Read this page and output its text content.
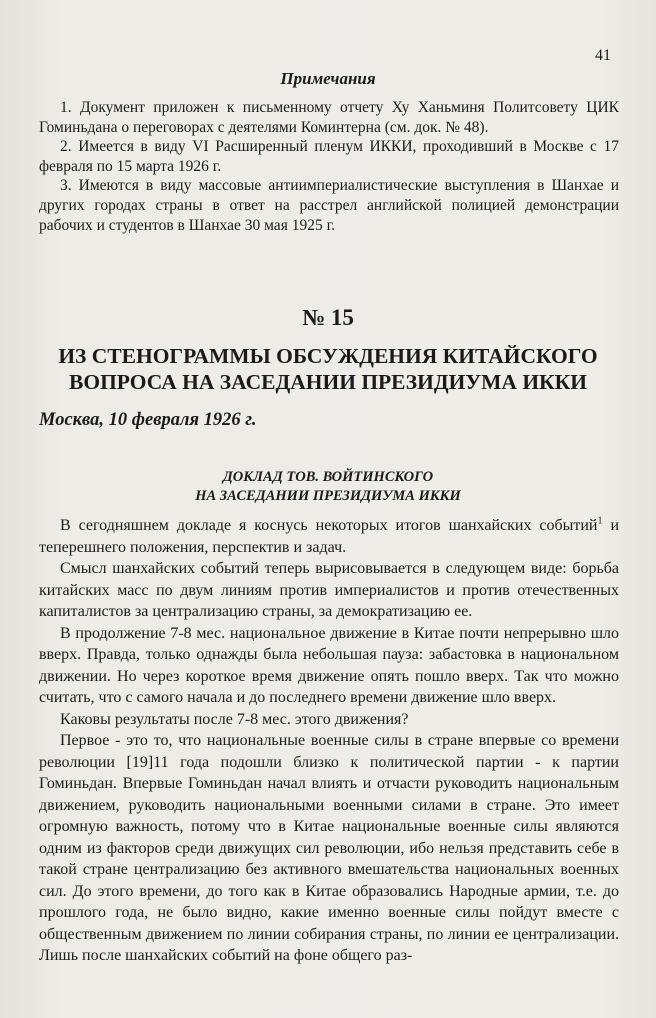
41
Примечания

1. Документ приложен к письменному отчету Ху Ханьминя Политсовету ЦИК Гоминьдана о переговорах с деятелями Коминтерна (см. док. № 48).

2. Имеется в виду VI Расширенный пленум ИККИ, проходивший в Москве с 17 февраля по 15 марта 1926 г.

3. Имеются в виду массовые антиимпериалистические выступления в Шанхае и других городах страны в ответ на расстрел английской полицией демонстрации рабочих и студентов в Шанхае 30 мая 1925 г.

№ 15
ИЗ СТЕНОГРАММЫ ОБСУЖДЕНИЯ КИТАЙСКОГО
ВОПРОСА НА ЗАСЕДАНИИ ПРЕЗИДИУМА ИККИ
Москва, 10 февраля 1926 г.
ДОКЛАД ТОВ. ВОЙТИНСКОГО
НА ЗАСЕДАНИИ ПРЕЗИДИУМА ИККИ

В сегодняшнем докладе я коснусь некоторых итогов шанхайских событий$^1$ и теперешнего положения, перспектив и задач.

Смысл шанхайских событий теперь вырисовывается в следующем виде: борьба китайских масс по двум линиям против империалистов и против отечественных капиталистов за централизацию страны, за демократизацию ее.

В продолжение 7-8 мес. национальное движение в Китае почти непрерывно шло вверх. Правда, только однажды была небольшая пауза: забастовка в национальном движении. Но через короткое время движение опять пошло вверх. Так что можно считать, что с самого начала и до последнего времени движение шло вверх.

Каковы результаты после 7-8 мес. этого движения?

Первое - это то, что национальные военные силы в стране впервые со времени революции [19]11 года подошли близко к политической партии - к партии Гоминьдан. Впервые Гоминьдан начал влиять и отчасти руководить национальным движением, руководить национальными военными силами в стране. Это имеет огромную важность, потому что в Китае национальные военные силы являются одним из факторов среди движущих сил революции, ибо нельзя представить себе в такой стране централизацию без активного вмешательства национальных военных сил. До этого времени, до того как в Китае образовались Народные армии, т.е. до прошлого года, не было видно, какие именно военные силы пойдут вместе с общественным движением по линии собирания страны, по линии ее централизации. Лишь после шанхайских событий на фоне общего раз-
